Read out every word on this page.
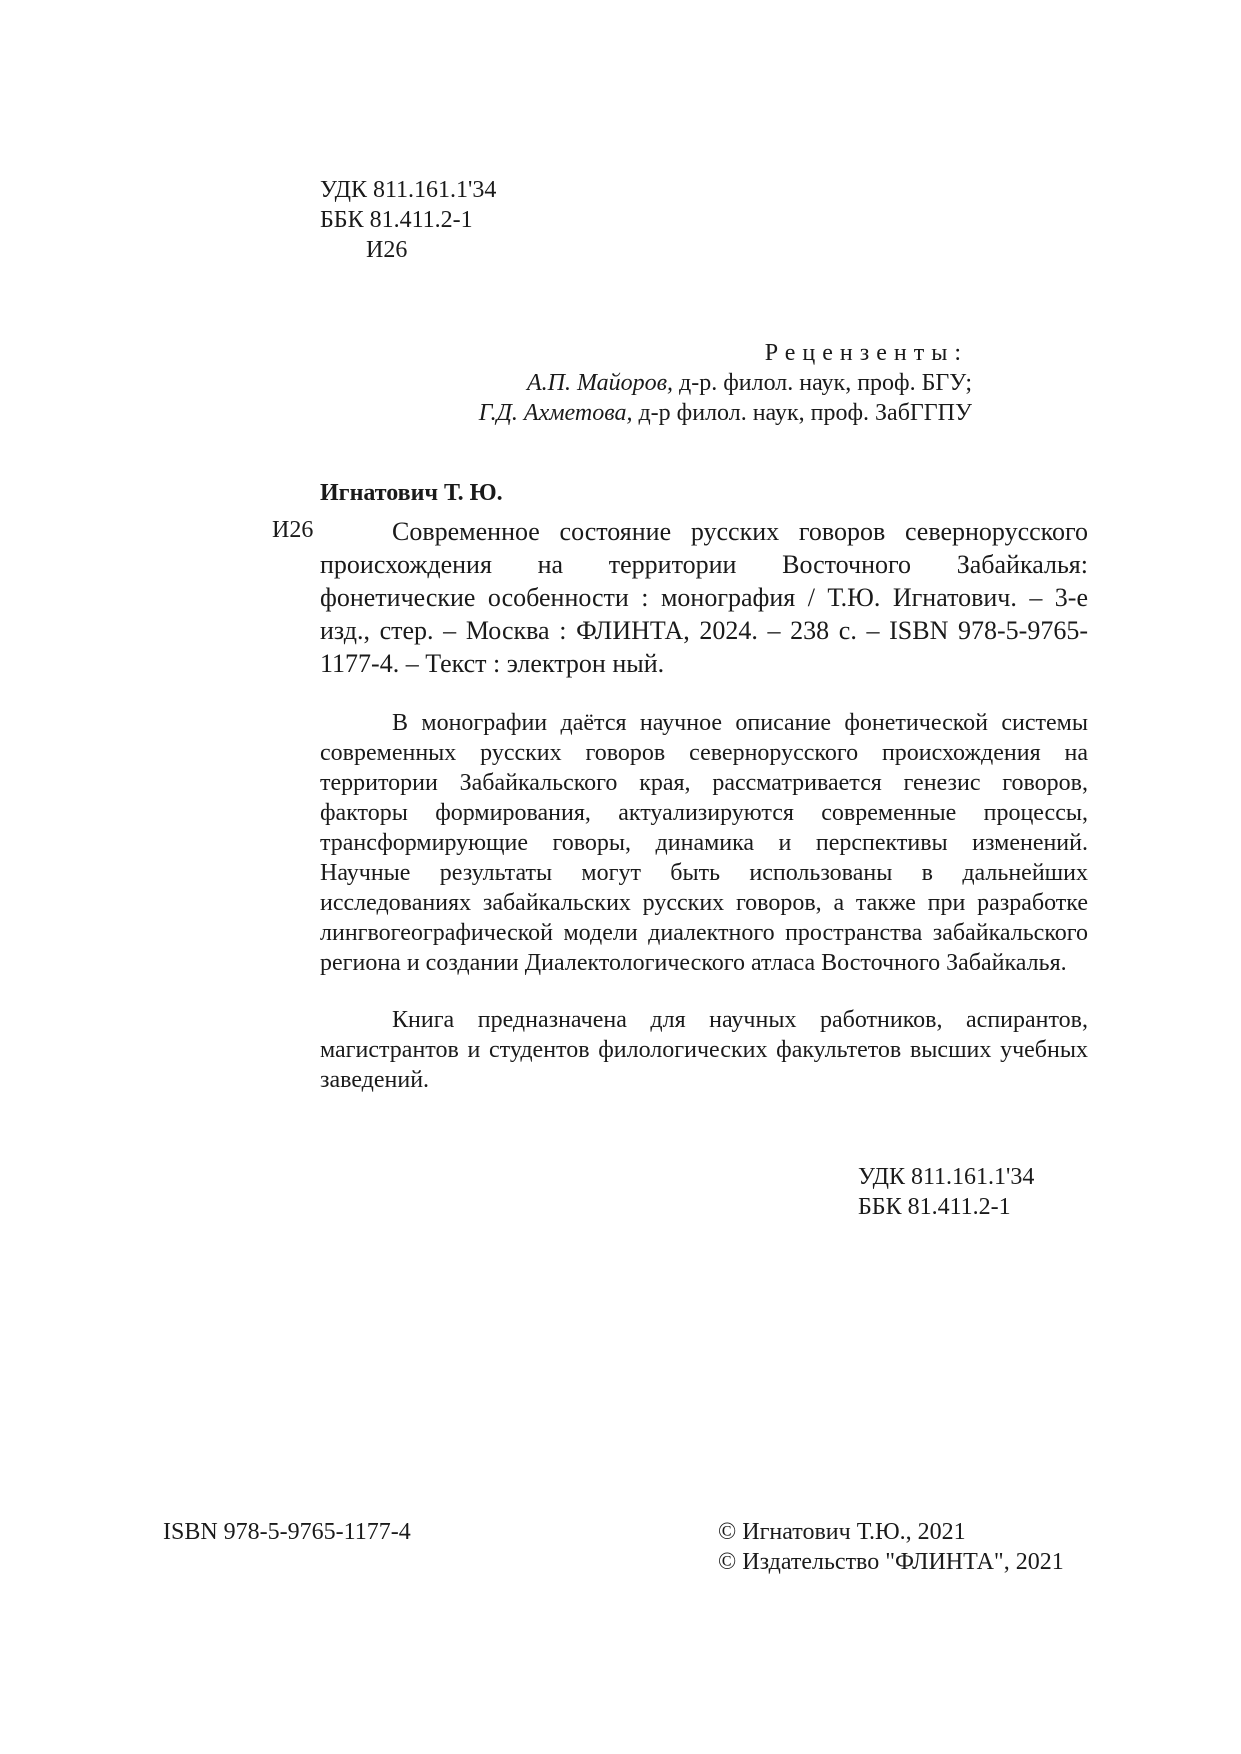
УДК 811.161.1'34
ББК 81.411.2-1
И26
Рецензенты:
А.П. Майоров, д-р. филол. наук, проф. БГУ;
Г.Д. Ахметова, д-р филол. наук, проф. ЗабГГПУ
Игнатович Т. Ю.
И26	Современное состояние русских говоров севернорусского происхождения на территории Восточного Забайкалья: фонетические особенности : монография / Т.Ю. Игнатович. – 3-е изд., стер. – Москва : ФЛИНТА, 2024. – 238 с. – ISBN 978-5-9765-1177-4. – Текст : электрон ный.

В монографии даётся научное описание фонетической системы современных русских говоров севернорусского происхождения на территории Забайкальского края, рассматривается генезис говоров, факторы формирования, актуализируются современные процессы, трансформирующие говоры, динамика и перспективы изменений. Научные результаты могут быть использованы в дальнейших исследованиях забайкальских русских говоров, а также при разработке лингвогеографической модели диалектного пространства забайкальского региона и создании Диалектологического атласа Восточного Забайкалья.

Книга предназначена для научных работников, аспирантов, магистрантов и студентов филологических факультетов высших учебных заведений.

УДК 811.161.1'34
ББК 81.411.2-1
ISBN 978-5-9765-1177-4	© Игнатович Т.Ю., 2021
© Издательство "ФЛИНТА", 2021
